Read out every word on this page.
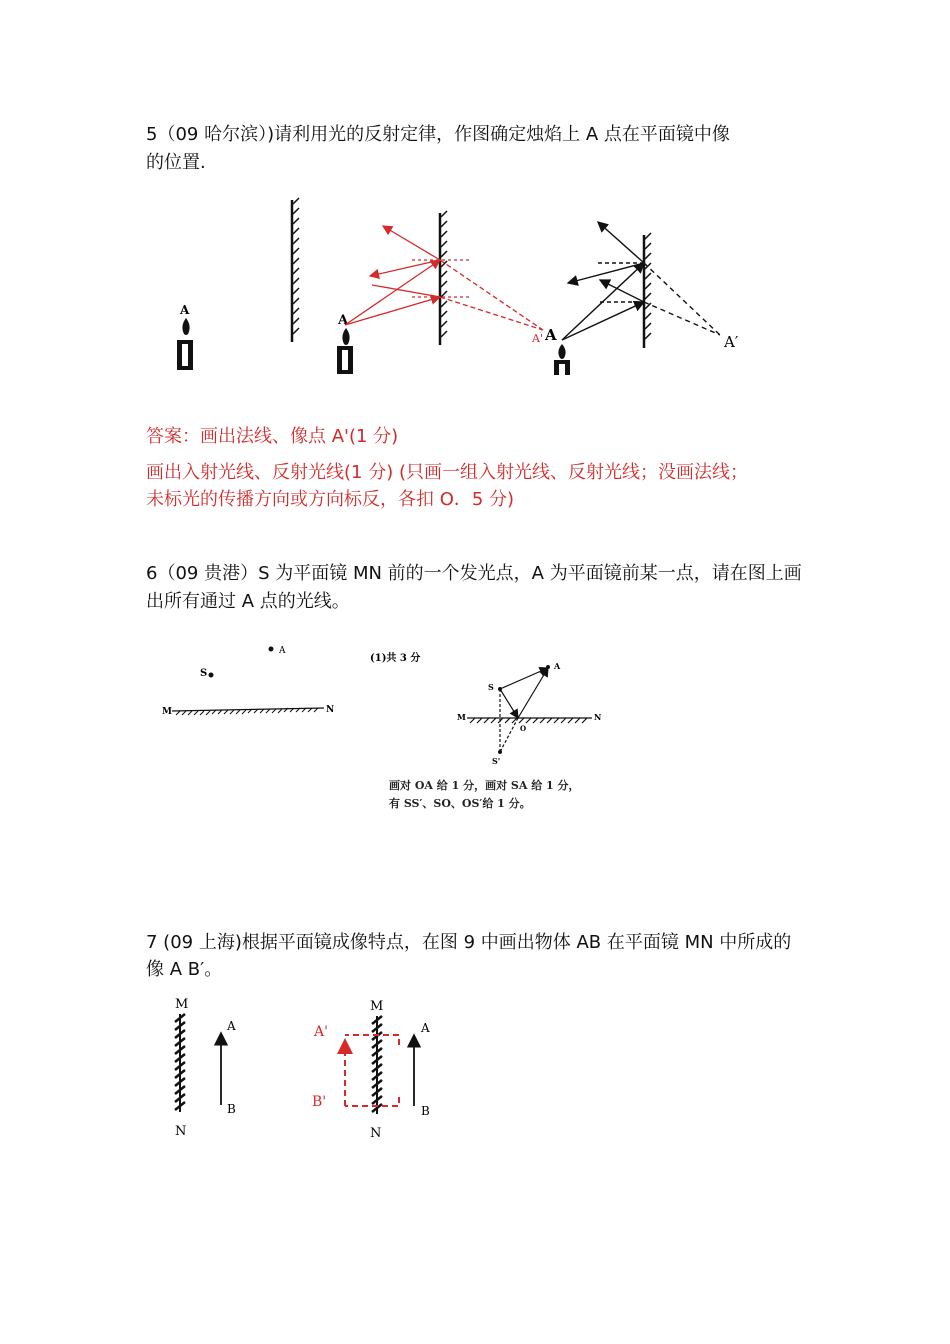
5（09 哈尔滨）)请利用光的反射定律，作图确定烛焰上 A 点在平面镜中像

的位置.

A
A
A' A	A′

答案：画出法线、像点 A'(1 分)

画出入射光线、反射光线(1 分) (只画一组入射光线、反射光线；没画法线；

未标光的传播方向或方向标反，各扣 O．5 分)

6（09 贵港）S 为平面镜 MN 前的一个发光点，A 为平面镜前某一点，请在图上画

出所有通过 A 点的光线。

A
S
M	N
(1)共 3 分
S
A
M	N
O
S'
画对 OA 给 1 分，画对 SA 给 1 分，
有 SS′、SO、OS′给 1 分。

7 (09 上海)根据平面镜成像特点，在图 9 中画出物体 AB 在平面镜 MN 中所成的

像 A B′。

M
N
A
B
M
N
A
B
A'
B'
